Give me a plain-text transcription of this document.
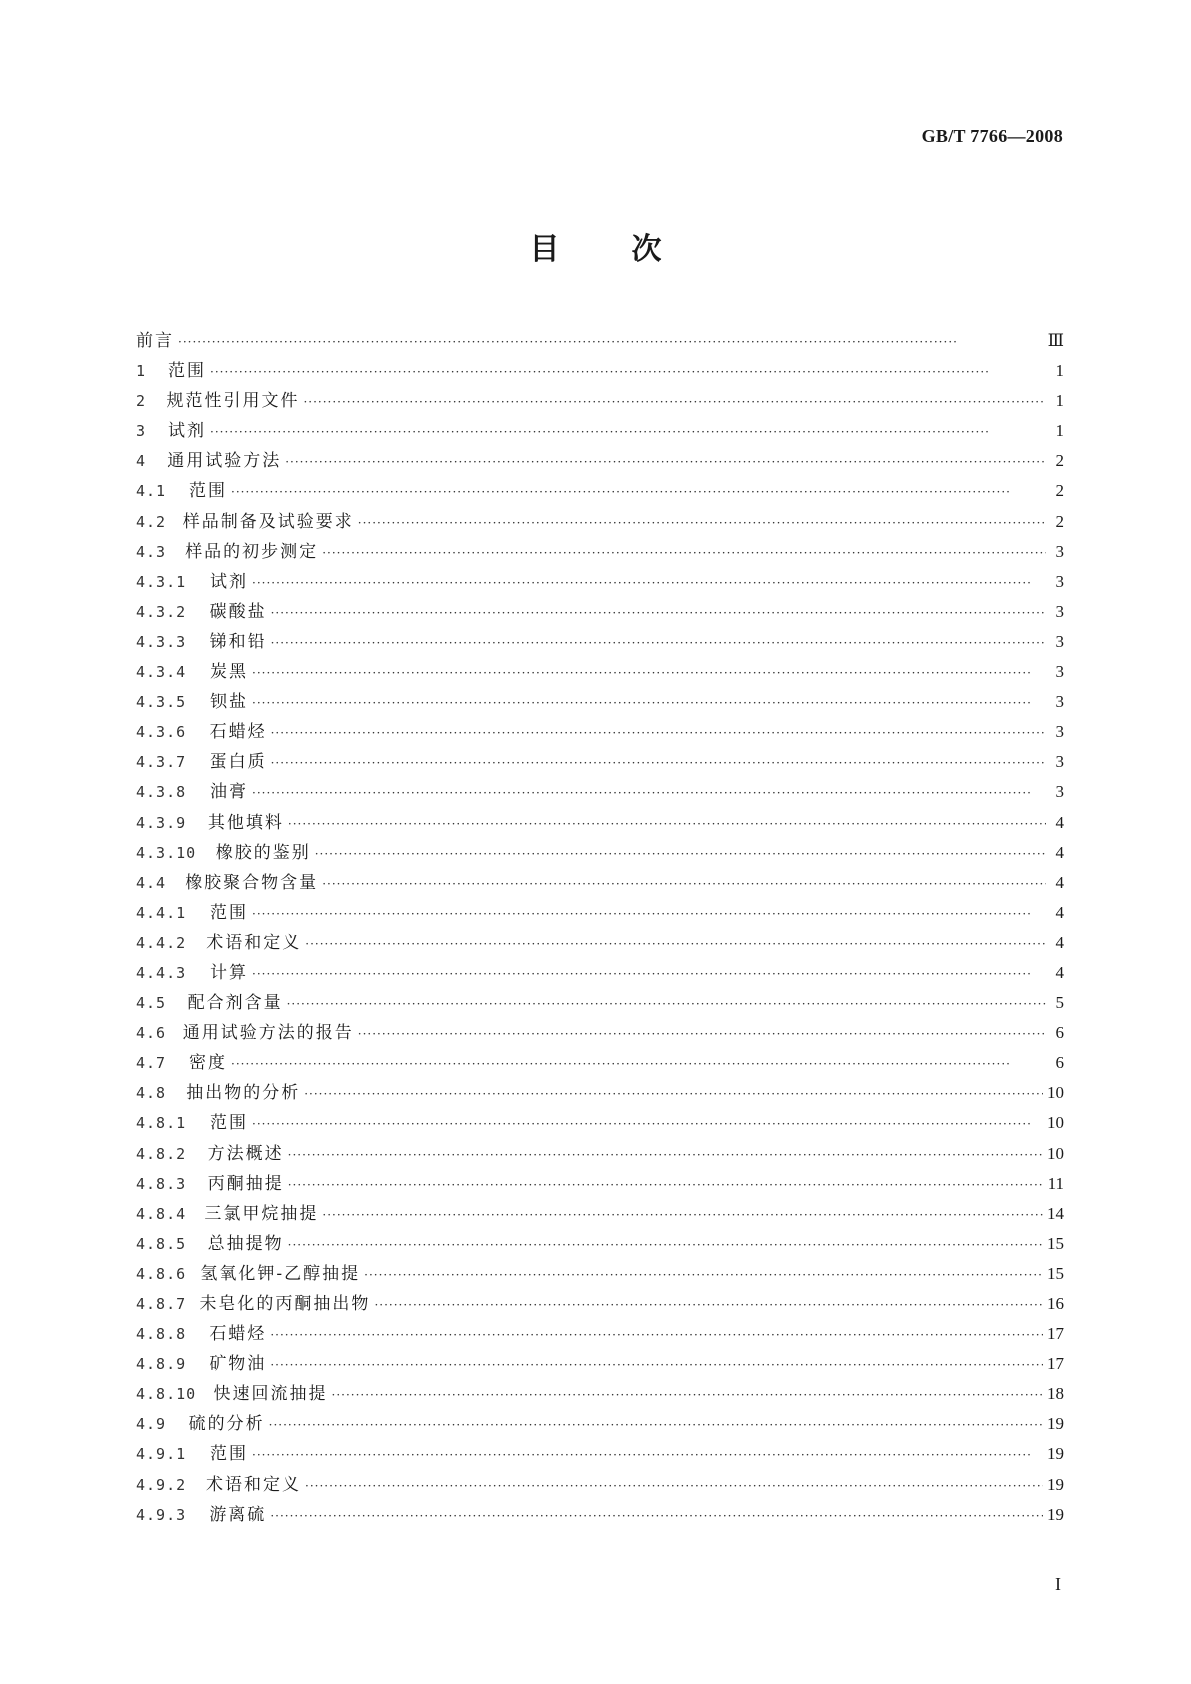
GB/T 7766—2008
目 次
前言 ·····	Ⅲ
1	范围 ·····	1
2	规范性引用文件 ·····	1
3	试剂 ·····	1
4	通用试验方法 ·····	2
4.1	范围 ·····	2
4.2 样品制备及试验要求 ·····	2
4.3	样品的初步测定 ·····	3
4.3.1	试剂 ·····	3
4.3.2	碳酸盐 ·····	3
4.3.3	锑和铅 ·····	3
4.3.4	炭黑 ·····	3
4.3.5	钡盐 ·····	3
4.3.6	石蜡烃 ·····	3
4.3.7	蛋白质 ·····	3
4.3.8	油膏 ·····	3
4.3.9	其他填料 ·····	4
4.3.10	橡胶的鉴别 ·····	4
4.4	橡胶聚合物含量 ·····	4
4.4.1	范围 ·····	4
4.4.2	术语和定义 ·····	4
4.4.3	计算 ·····	4
4.5	配合剂含量 ·····	5
4.6 通用试验方法的报告 ·····	6
4.7	密度 ·····	6
4.8	抽出物的分析 ·····	10
4.8.1	范围 ·····	10
4.8.2	方法概述 ·····	10
4.8.3	丙酮抽提 ·····	11
4.8.4	三氯甲烷抽提 ·····	14
4.8.5	总抽提物 ·····	15
4.8.6 氢氧化钾-乙醇抽提 ·····	15
4.8.7 未皂化的丙酮抽出物 ·····	16
4.8.8	石蜡烃 ·····	17
4.8.9	矿物油 ·····	17
4.8.10	快速回流抽提 ·····	18
4.9	硫的分析 ·····	19
4.9.1	范围 ·····	19
4.9.2	术语和定义 ·····	19
4.9.3	游离硫 ·····	19
I
